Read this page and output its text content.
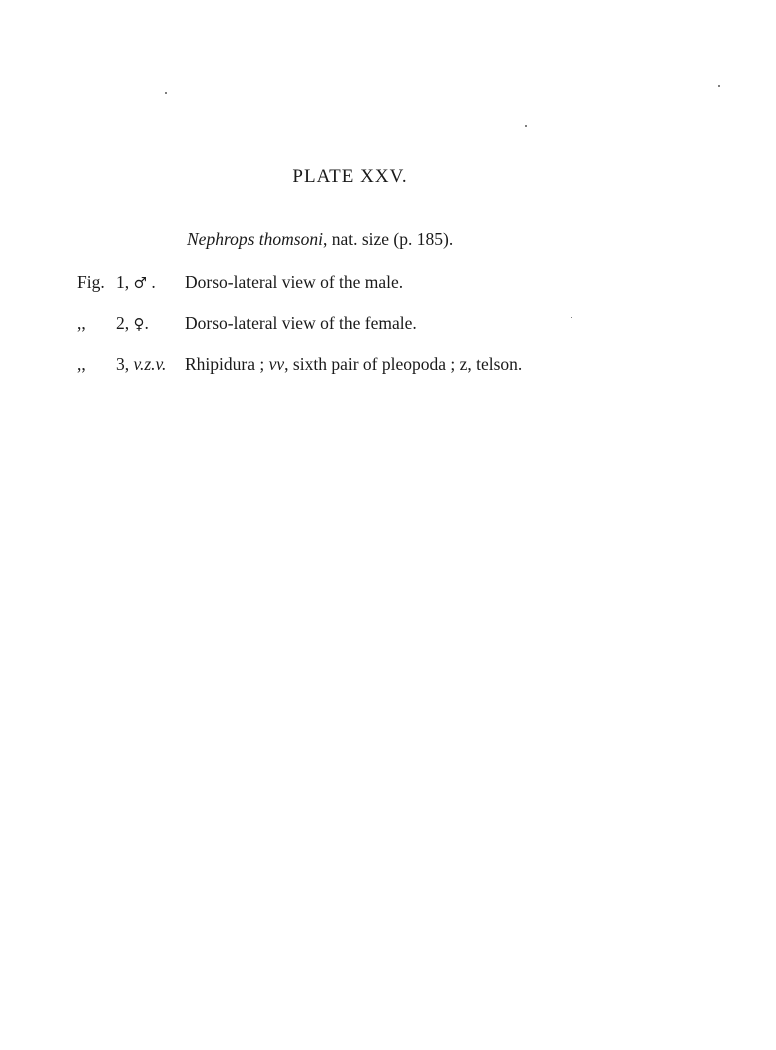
PLATE XXV.
Nephrops thomsoni, nat. size (p. 185).
Fig. 1, ♂ . Dorso-lateral view of the male.
,, 2, ♀. Dorso-lateral view of the female.
,, 3, v.z.v. Rhipidura ; vv, sixth pair of pleopoda ; z, telson.
